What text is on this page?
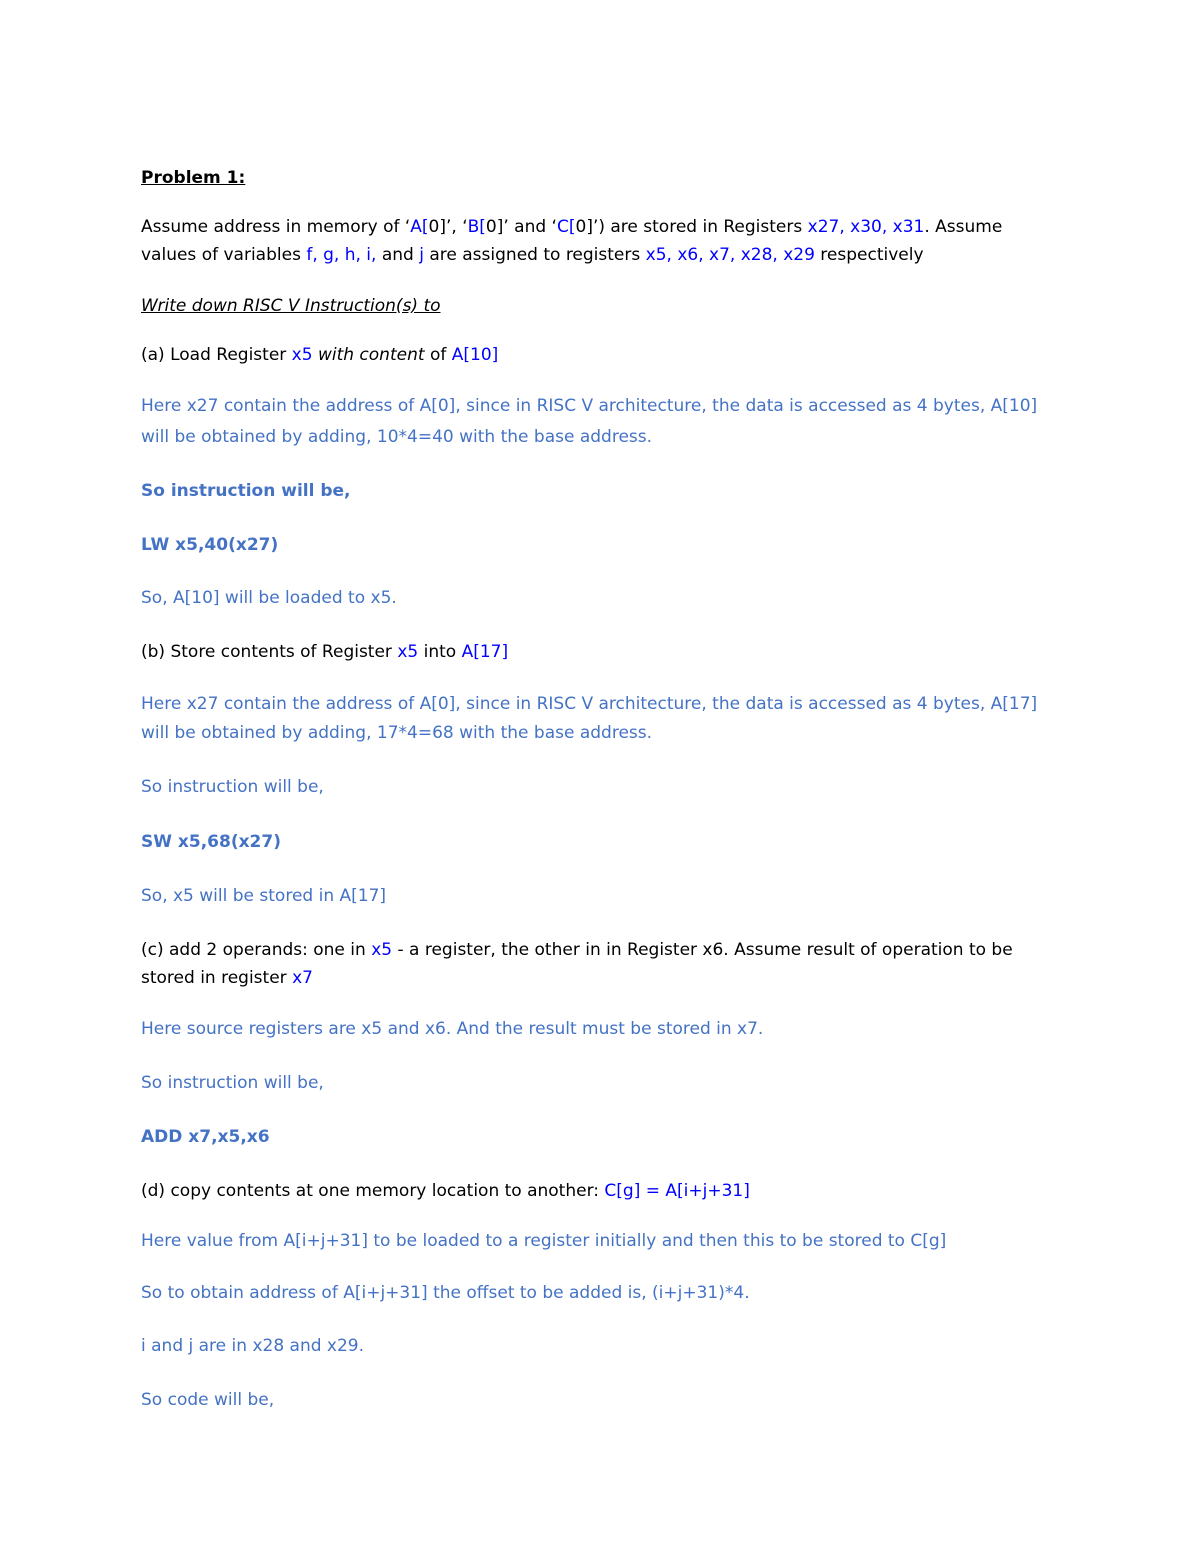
Problem 1:
Assume address in memory of ‘A[0]’, ‘B[0]’ and ‘C[0]’) are stored in Registers x27, x30, x31. Assume
values of variables f, g, h, i, and j are assigned to registers x5, x6, x7, x28, x29 respectively
Write down RISC V Instruction(s) to
(a) Load Register x5 with content of A[10]
Here x27 contain the address of A[0], since in RISC V architecture, the data is accessed as 4 bytes, A[10]
will be obtained by adding, 10*4=40 with the base address.
So instruction will be,
LW x5,40(x27)
So, A[10] will be loaded to x5.
(b) Store contents of Register x5 into A[17]
Here x27 contain the address of A[0], since in RISC V architecture, the data is accessed as 4 bytes, A[17]
will be obtained by adding, 17*4=68 with the base address.
So instruction will be,
SW x5,68(x27)
So, x5 will be stored in A[17]
(c) add 2 operands: one in x5 - a register, the other in in Register x6. Assume result of operation to be
stored in register x7
Here source registers are x5 and x6. And the result must be stored in x7.
So instruction will be,
ADD x7,x5,x6
(d) copy contents at one memory location to another: C[g] = A[i+j+31]
Here value from A[i+j+31] to be loaded to a register initially and then this to be stored to C[g]
So to obtain address of A[i+j+31] the offset to be added is, (i+j+31)*4.
i and j are in x28 and x29.
So code will be,
